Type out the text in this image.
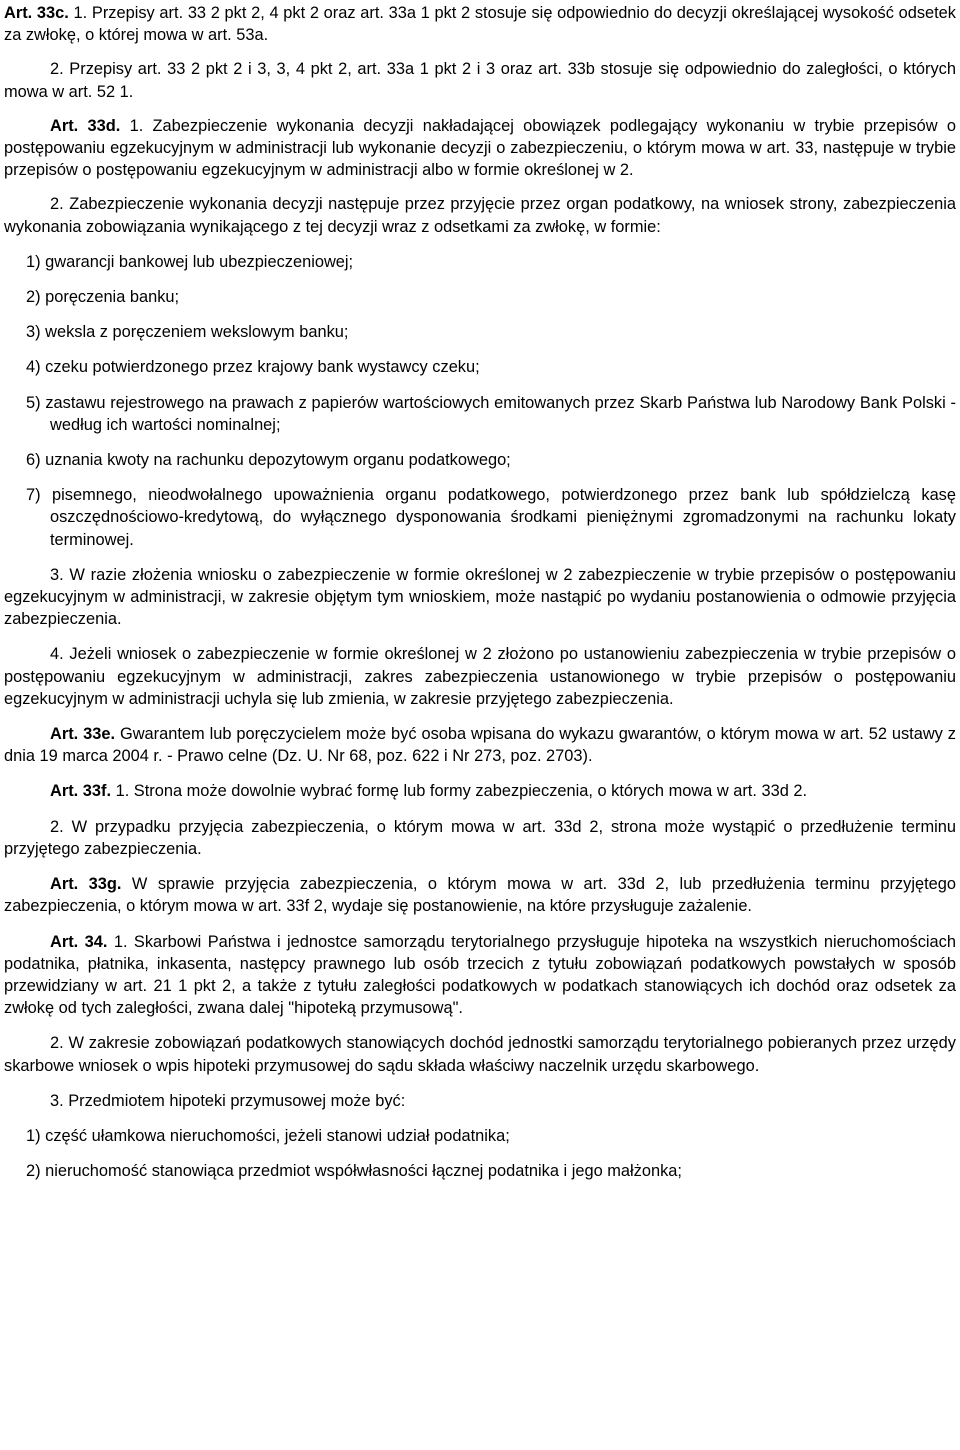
Art. 33c. 1. Przepisy art. 33 2 pkt 2, 4 pkt 2 oraz art. 33a 1 pkt 2 stosuje się odpowiednio do decyzji określającej wysokość odsetek za zwłokę, o której mowa w art. 53a.

2. Przepisy art. 33 2 pkt 2 i 3, 3, 4 pkt 2, art. 33a 1 pkt 2 i 3 oraz art. 33b stosuje się odpowiednio do zaległości, o których mowa w art. 52 1.

Art. 33d. 1. Zabezpieczenie wykonania decyzji nakładającej obowiązek podlegający wykonaniu w trybie przepisów o postępowaniu egzekucyjnym w administracji lub wykonanie decyzji o zabezpieczeniu, o którym mowa w art. 33, następuje w trybie przepisów o postępowaniu egzekucyjnym w administracji albo w formie określonej w 2.

2. Zabezpieczenie wykonania decyzji następuje przez przyjęcie przez organ podatkowy, na wniosek strony, zabezpieczenia wykonania zobowiązania wynikającego z tej decyzji wraz z odsetkami za zwłokę, w formie:

1) gwarancji bankowej lub ubezpieczeniowej;

2) poręczenia banku;

3) weksla z poręczeniem wekslowym banku;

4) czeku potwierdzonego przez krajowy bank wystawcy czeku;

5) zastawu rejestrowego na prawach z papierów wartościowych emitowanych przez Skarb Państwa lub Narodowy Bank Polski - według ich wartości nominalnej;

6) uznania kwoty na rachunku depozytowym organu podatkowego;

7) pisemnego, nieodwołalnego upoważnienia organu podatkowego, potwierdzonego przez bank lub spółdzielczą kasę oszczędnościowo-kredytową, do wyłącznego dysponowania środkami pieniężnymi zgromadzonymi na rachunku lokaty terminowej.

3. W razie złożenia wniosku o zabezpieczenie w formie określonej w 2 zabezpieczenie w trybie przepisów o postępowaniu egzekucyjnym w administracji, w zakresie objętym tym wnioskiem, może nastąpić po wydaniu postanowienia o odmowie przyjęcia zabezpieczenia.

4. Jeżeli wniosek o zabezpieczenie w formie określonej w 2 złożono po ustanowieniu zabezpieczenia w trybie przepisów o postępowaniu egzekucyjnym w administracji, zakres zabezpieczenia ustanowionego w trybie przepisów o postępowaniu egzekucyjnym w administracji uchyla się lub zmienia, w zakresie przyjętego zabezpieczenia.

Art. 33e. Gwarantem lub poręczycielem może być osoba wpisana do wykazu gwarantów, o którym mowa w art. 52 ustawy z dnia 19 marca 2004 r. - Prawo celne (Dz. U. Nr 68, poz. 622 i Nr 273, poz. 2703).

Art. 33f. 1. Strona może dowolnie wybrać formę lub formy zabezpieczenia, o których mowa w art. 33d 2.

2. W przypadku przyjęcia zabezpieczenia, o którym mowa w art. 33d 2, strona może wystąpić o przedłużenie terminu przyjętego zabezpieczenia.

Art. 33g. W sprawie przyjęcia zabezpieczenia, o którym mowa w art. 33d 2, lub przedłużenia terminu przyjętego zabezpieczenia, o którym mowa w art. 33f 2, wydaje się postanowienie, na które przysługuje zażalenie.

Art. 34. 1. Skarbowi Państwa i jednostce samorządu terytorialnego przysługuje hipoteka na wszystkich nieruchomościach podatnika, płatnika, inkasenta, następcy prawnego lub osób trzecich z tytułu zobowiązań podatkowych powstałych w sposób przewidziany w art. 21 1 pkt 2, a także z tytułu zaległości podatkowych w podatkach stanowiących ich dochód oraz odsetek za zwłokę od tych zaległości, zwana dalej "hipoteką przymusową".

2. W zakresie zobowiązań podatkowych stanowiących dochód jednostki samorządu terytorialnego pobieranych przez urzędy skarbowe wniosek o wpis hipoteki przymusowej do sądu składa właściwy naczelnik urzędu skarbowego.

3. Przedmiotem hipoteki przymusowej może być:

1) część ułamkowa nieruchomości, jeżeli stanowi udział podatnika;

2) nieruchomość stanowiąca przedmiot współwłasności łącznej podatnika i jego małżonka;
